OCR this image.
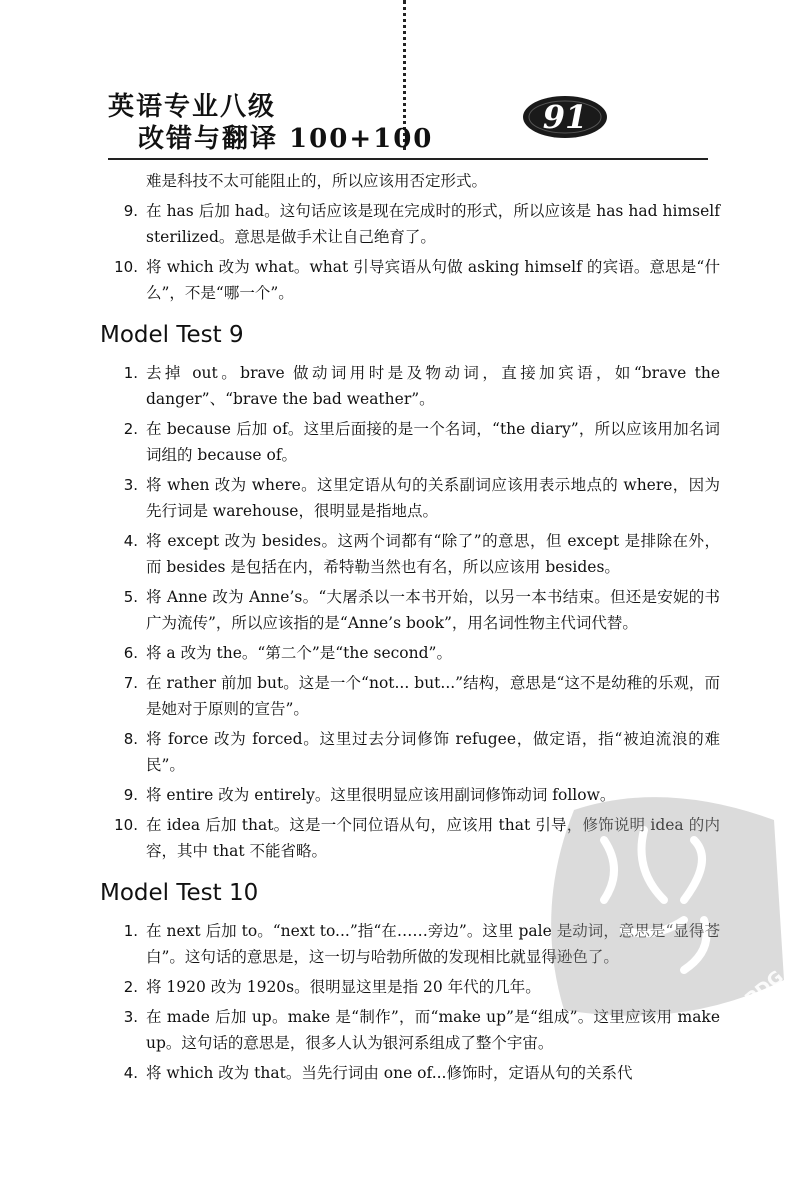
英语专业八级
改错与翻译 100+100
91
难是科技不太可能阻止的，所以应该用否定形式。
9. 在 has 后加 had。这句话应该是现在完成时的形式，所以应该是 has had himself sterilized。意思是做手术让自己绝育了。
10. 将 which 改为 what。what 引导宾语从句做 asking himself 的宾语。意思是“什么”，不是“哪一个”。
Model Test 9
1. 去掉 out。brave 做动词用时是及物动词，直接加宾语，如“brave the danger”、“brave the bad weather”。
2. 在 because 后加 of。这里后面接的是一个名词，“the diary”，所以应该用加名词词组的 because of。
3. 将 when 改为 where。这里定语从句的关系副词应该用表示地点的 where，因为先行词是 warehouse，很明显是指地点。
4. 将 except 改为 besides。这两个词都有“除了”的意思，但 except 是排除在外，而 besides 是包括在内，希特勒当然也有名，所以应该用 besides。
5. 将 Anne 改为 Anne’s。“大屠杀以一本书开始，以另一本书结束。但还是安妮的书广为流传”，所以应该指的是“Anne’s book”，用名词性物主代词代替。
6. 将 a 改为 the。“第二个”是“the second”。
7. 在 rather 前加 but。这是一个“not... but...”结构，意思是“这不是幼稚的乐观，而是她对于原则的宣告”。
8. 将 force 改为 forced。这里过去分词修饰 refugee，做定语，指“被迫流浪的难民”。
9. 将 entire 改为 entirely。这里很明显应该用副词修饰动词 follow。
10. 在 idea 后加 that。这是一个同位语从句，应该用 that 引导，修饰说明 idea 的内容，其中 that 不能省略。
Model Test 10
1. 在 next 后加 to。“next to...”指“在……旁边”。这里 pale 是动词，意思是“显得苍白”。这句话的意思是，这一切与哈勃所做的发现相比就显得逊色了。
2. 将 1920 改为 1920s。很明显这里是指 20 年代的几年。
3. 在 made 后加 up。make 是“制作”，而“make up”是“组成”。这里应该用 make up。这句话的意思是，很多人认为银河系组成了整个宇宙。
4. 将 which 改为 that。当先行词由 one of...修饰时，定语从句的关系代
PDG
